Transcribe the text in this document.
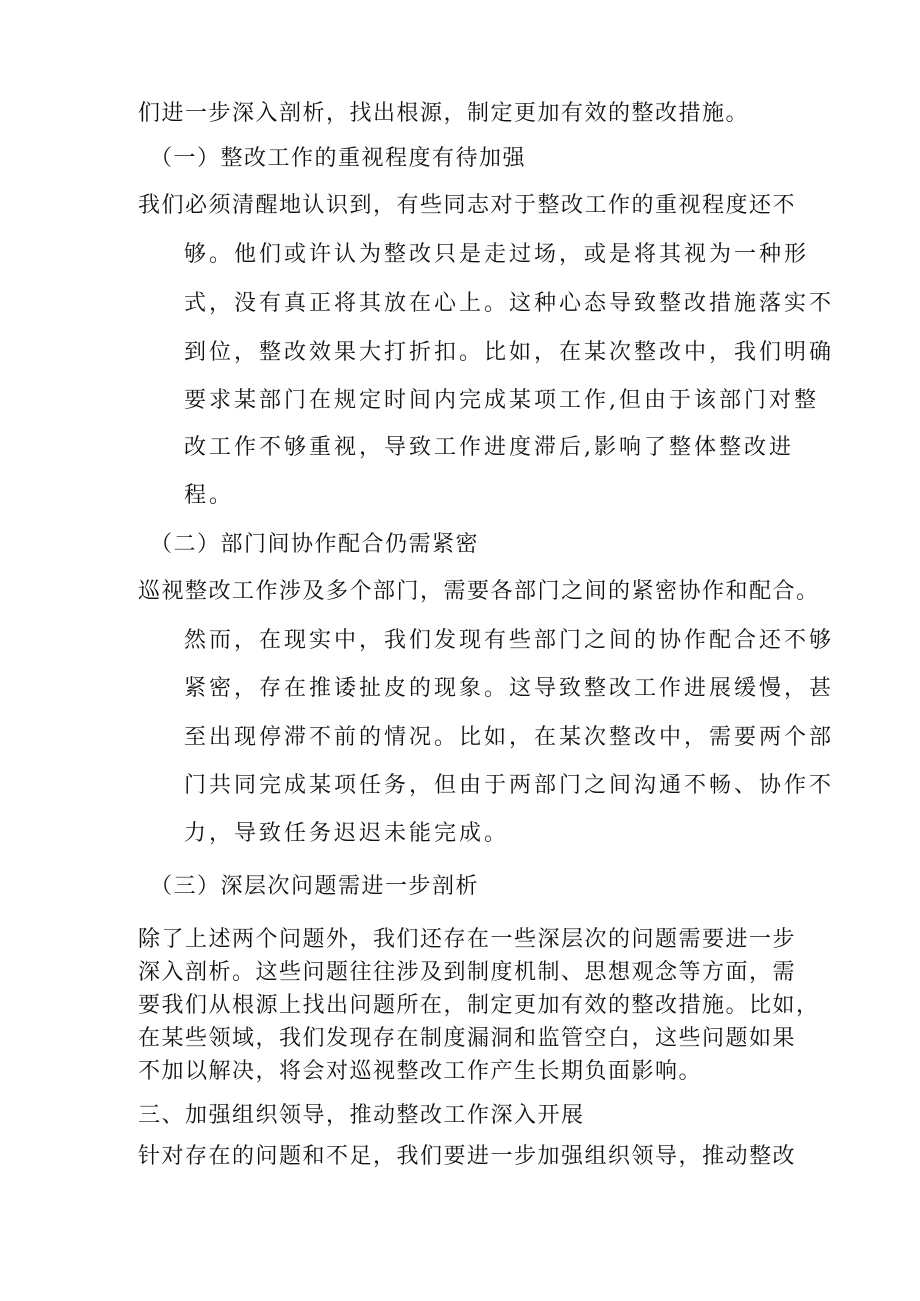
们进一步深入剖析，找出根源，制定更加有效的整改措施。
（一）整改工作的重视程度有待加强
我们必须清醒地认识到，有些同志对于整改工作的重视程度还不
够。他们或许认为整改只是走过场，或是将其视为一种形
式，没有真正将其放在心上。这种心态导致整改措施落实不
到位，整改效果大打折扣。比如，在某次整改中，我们明确
要求某部门在规定时间内完成某项工作,但由于该部门对整
改工作不够重视，导致工作进度滞后,影响了整体整改进
程。
（二）部门间协作配合仍需紧密
巡视整改工作涉及多个部门，需要各部门之间的紧密协作和配合。
然而，在现实中，我们发现有些部门之间的协作配合还不够
紧密，存在推诿扯皮的现象。这导致整改工作进展缓慢，甚
至出现停滞不前的情况。比如，在某次整改中，需要两个部
门共同完成某项任务，但由于两部门之间沟通不畅、协作不
力，导致任务迟迟未能完成。
（三）深层次问题需进一步剖析
除了上述两个问题外，我们还存在一些深层次的问题需要进一步
深入剖析。这些问题往往涉及到制度机制、思想观念等方面，需
要我们从根源上找出问题所在，制定更加有效的整改措施。比如，
在某些领域，我们发现存在制度漏洞和监管空白，这些问题如果
不加以解决，将会对巡视整改工作产生长期负面影响。
三、加强组织领导，推动整改工作深入开展
针对存在的问题和不足，我们要进一步加强组织领导，推动整改
